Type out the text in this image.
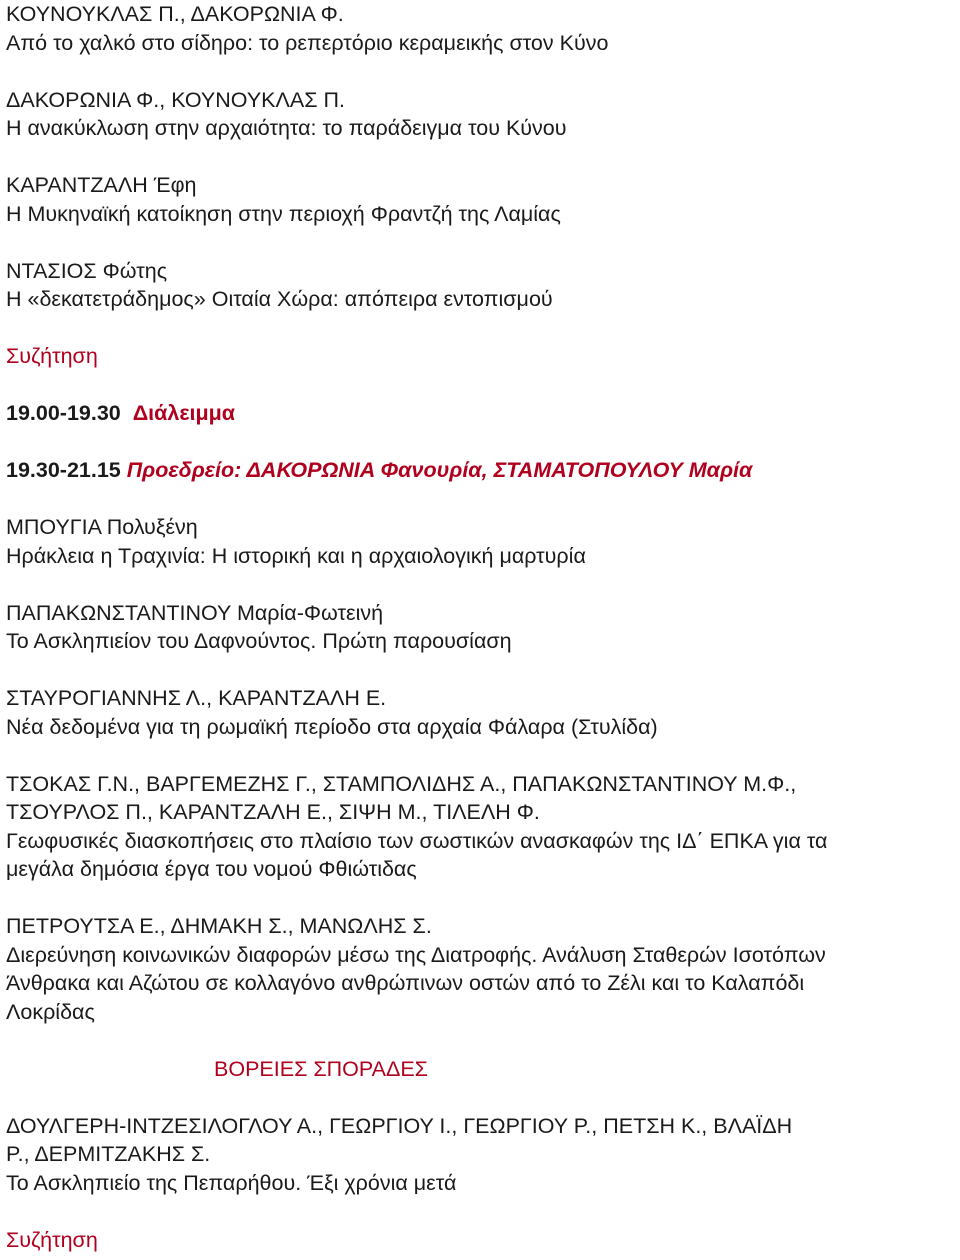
ΚΟΥΝΟΥΚΛΑΣ Π., ΔΑΚΟΡΩΝΙΑ Φ.

Από το χαλκό στο σίδηρο: το ρεπερτόριο κεραμεικής στον Κύνο

ΔΑΚΟΡΩΝΙΑ Φ., ΚΟΥΝΟΥΚΛΑΣ Π.

Η ανακύκλωση στην αρχαιότητα: το παράδειγμα του Κύνου

ΚΑΡΑΝΤΖΑΛΗ Έφη

Η Μυκηναϊκή κατοίκηση στην περιοχή Φραντζή της Λαμίας

ΝΤΑΣΙΟΣ Φώτης

Η «δεκατετράδημος» Οιταία Χώρα: απόπειρα εντοπισμού

Συζήτηση

19.00-19.30 Διάλειμμα

19.30-21.15 Προεδρείο: ΔΑΚΟΡΩΝΙΑ Φανουρία, ΣΤΑΜΑΤΟΠΟΥΛΟΥ Μαρία

ΜΠΟΥΓΙΑ Πολυξένη

Ηράκλεια η Τραχινία: Η ιστορική και η αρχαιολογική μαρτυρία

ΠΑΠΑΚΩΝΣΤΑΝΤΙΝΟΥ Μαρία-Φωτεινή

Το Ασκληπιείον του Δαφνούντος. Πρώτη παρουσίαση

ΣΤΑΥΡΟΓΙΑΝΝΗΣ Λ., ΚΑΡΑΝΤΖΑΛΗ Ε.

Νέα δεδομένα για τη ρωμαϊκή περίοδο στα αρχαία Φάλαρα (Στυλίδα)

ΤΣΟΚΑΣ Γ.Ν., ΒΑΡΓΕΜΕΖΗΣ Γ., ΣΤΑΜΠΟΛΙΔΗΣ Α., ΠΑΠΑΚΩΝΣΤΑΝΤΙΝΟΥ Μ.Φ.,

ΤΣΟΥΡΛΟΣ Π., ΚΑΡΑΝΤΖΑΛΗ Ε., ΣΙΨΗ Μ., ΤΙΛΕΛΗ Φ.

Γεωφυσικές διασκοπήσεις στο πλαίσιο των σωστικών ανασκαφών της ΙΔ΄ ΕΠΚΑ για τα

μεγάλα δημόσια έργα του νομού Φθιώτιδας

ΠΕΤΡΟΥΤΣΑ Ε., ΔΗΜΑΚΗ Σ., ΜΑΝΩΛΗΣ Σ.

Διερεύνηση κοινωνικών διαφορών μέσω της Διατροφής. Ανάλυση Σταθερών Ισοτόπων

Άνθρακα και Αζώτου σε κολλαγόνο ανθρώπινων οστών από το Ζέλι και το Καλαπόδι

Λοκρίδας

ΒΟΡΕΙΕΣ ΣΠΟΡΑΔΕΣ

ΔΟΥΛΓΕΡΗ-ΙΝΤΖΕΣΙΛΟΓΛΟΥ Α., ΓΕΩΡΓΙΟΥ Ι., ΓΕΩΡΓΙΟΥ Ρ., ΠΕΤΣΗ Κ., ΒΛΑΪΔΗ

Ρ., ΔΕΡΜΙΤΖΑΚΗΣ Σ.

Το Ασκληπιείο της Πεπαρήθου. Έξι χρόνια μετά

Συζήτηση
